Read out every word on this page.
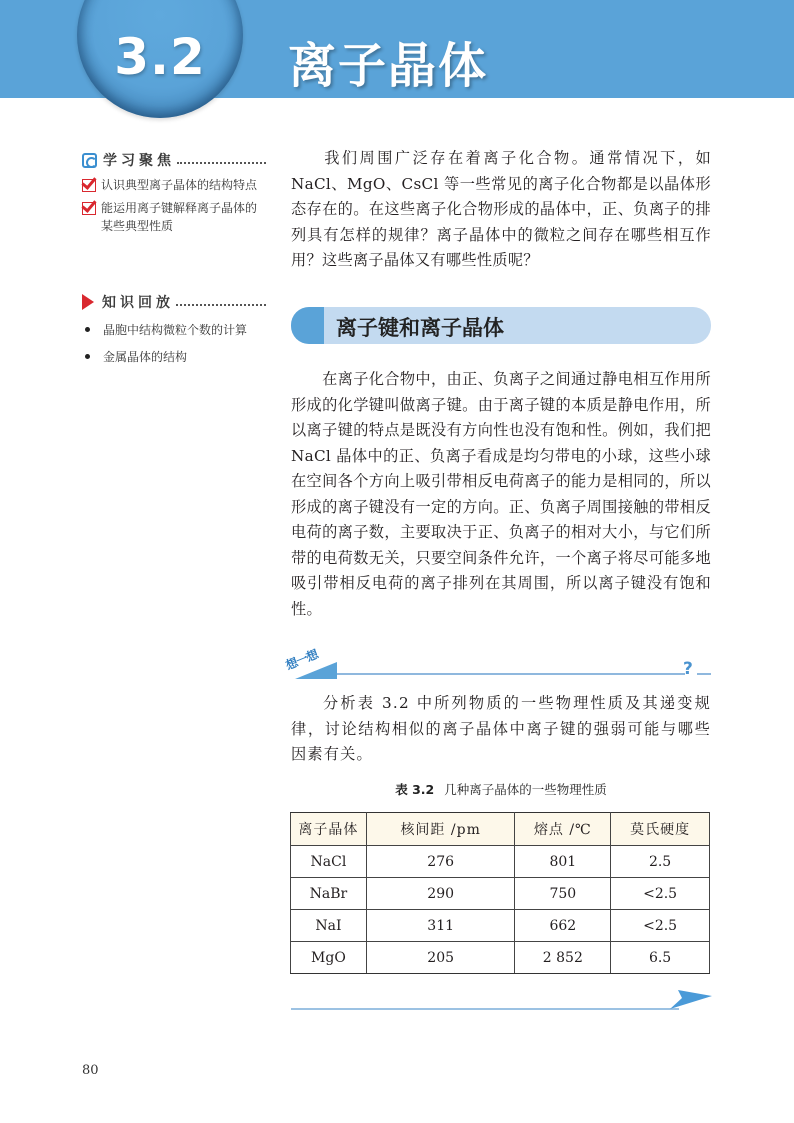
3.2	离子晶体
学习聚焦
认识典型离子晶体的结构特点
能运用离子键解释离子晶体的某些典型性质
知识回放
晶胞中结构微粒个数的计算
金属晶体的结构

我们周围广泛存在着离子化合物。通常情况下，如 NaCl、MgO、CsCl 等一些常见的离子化合物都是以晶体形态存在的。在这些离子化合物形成的晶体中，正、负离子的排列具有怎样的规律？离子晶体中的微粒之间存在哪些相互作用？这些离子晶体又有哪些性质呢？

离子键和离子晶体

在离子化合物中，由正、负离子之间通过静电相互作用所形成的化学键叫做离子键。由于离子键的本质是静电作用，所以离子键的特点是既没有方向性也没有饱和性。例如，我们把 NaCl 晶体中的正、负离子看成是均匀带电的小球，这些小球在空间各个方向上吸引带相反电荷离子的能力是相同的，所以形成的离子键没有一定的方向。正、负离子周围接触的带相反电荷的离子数，主要取决于正、负离子的相对大小，与它们所带的电荷数无关，只要空间条件允许，一个离子将尽可能多地吸引带相反电荷的离子排列在其周围，所以离子键没有饱和性。

想一想	?

分析表 3.2 中所列物质的一些物理性质及其递变规律，讨论结构相似的离子晶体中离子键的强弱可能与哪些因素有关。

表 3.2 几种离子晶体的一些物理性质
离子晶体	核间距 /pm	熔点 /℃	莫氏硬度
NaCl	276	801	2.5
NaBr	290	750	<2.5
NaI	311	662	<2.5
MgO	205	2 852	6.5
80
